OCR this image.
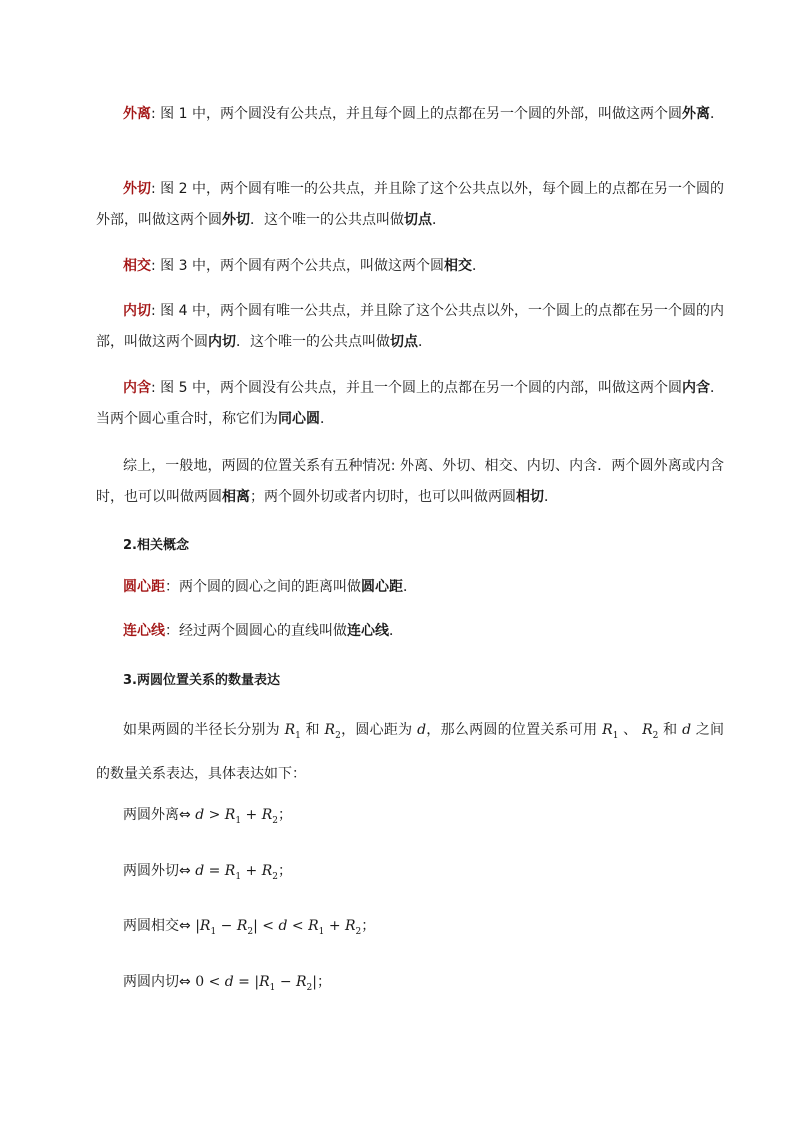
外离: 图 1 中，两个圆没有公共点，并且每个圆上的点都在另一个圆的外部，叫做这两个圆外离．

外切: 图 2 中，两个圆有唯一的公共点，并且除了这个公共点以外，每个圆上的点都在另一个圆的外部，叫做这两个圆外切．这个唯一的公共点叫做切点．

相交: 图 3 中，两个圆有两个公共点，叫做这两个圆相交．

内切: 图 4 中，两个圆有唯一公共点，并且除了这个公共点以外，一个圆上的点都在另一个圆的内部，叫做这两个圆内切．这个唯一的公共点叫做切点．

内含: 图 5 中，两个圆没有公共点，并且一个圆上的点都在另一个圆的内部，叫做这两个圆内含．当两个圆心重合时，称它们为同心圆．

综上，一般地，两圆的位置关系有五种情况: 外离、外切、相交、内切、内含．两个圆外离或内含时，也可以叫做两圆相离；两个圆外切或者内切时，也可以叫做两圆相切．

2.相关概念

圆心距：两个圆的圆心之间的距离叫做圆心距．

连心线：经过两个圆圆心的直线叫做连心线．

3.两圆位置关系的数量表达

如果两圆的半径长分别为 $R_1$ 和 $R_2$，圆心距为 d，那么两圆的位置关系可用 $R_1$ 、 $R_2$ 和 d 之间的数量关系表达，具体表达如下：

两圆外离⇔ $d > R_1 + R_2$；

两圆外切⇔ $d = R_1 + R_2$；

两圆相交⇔ $|R_1 - R_2| < d < R_1 + R_2$；

两圆内切⇔ $0 < d = |R_1 - R_2|$；
